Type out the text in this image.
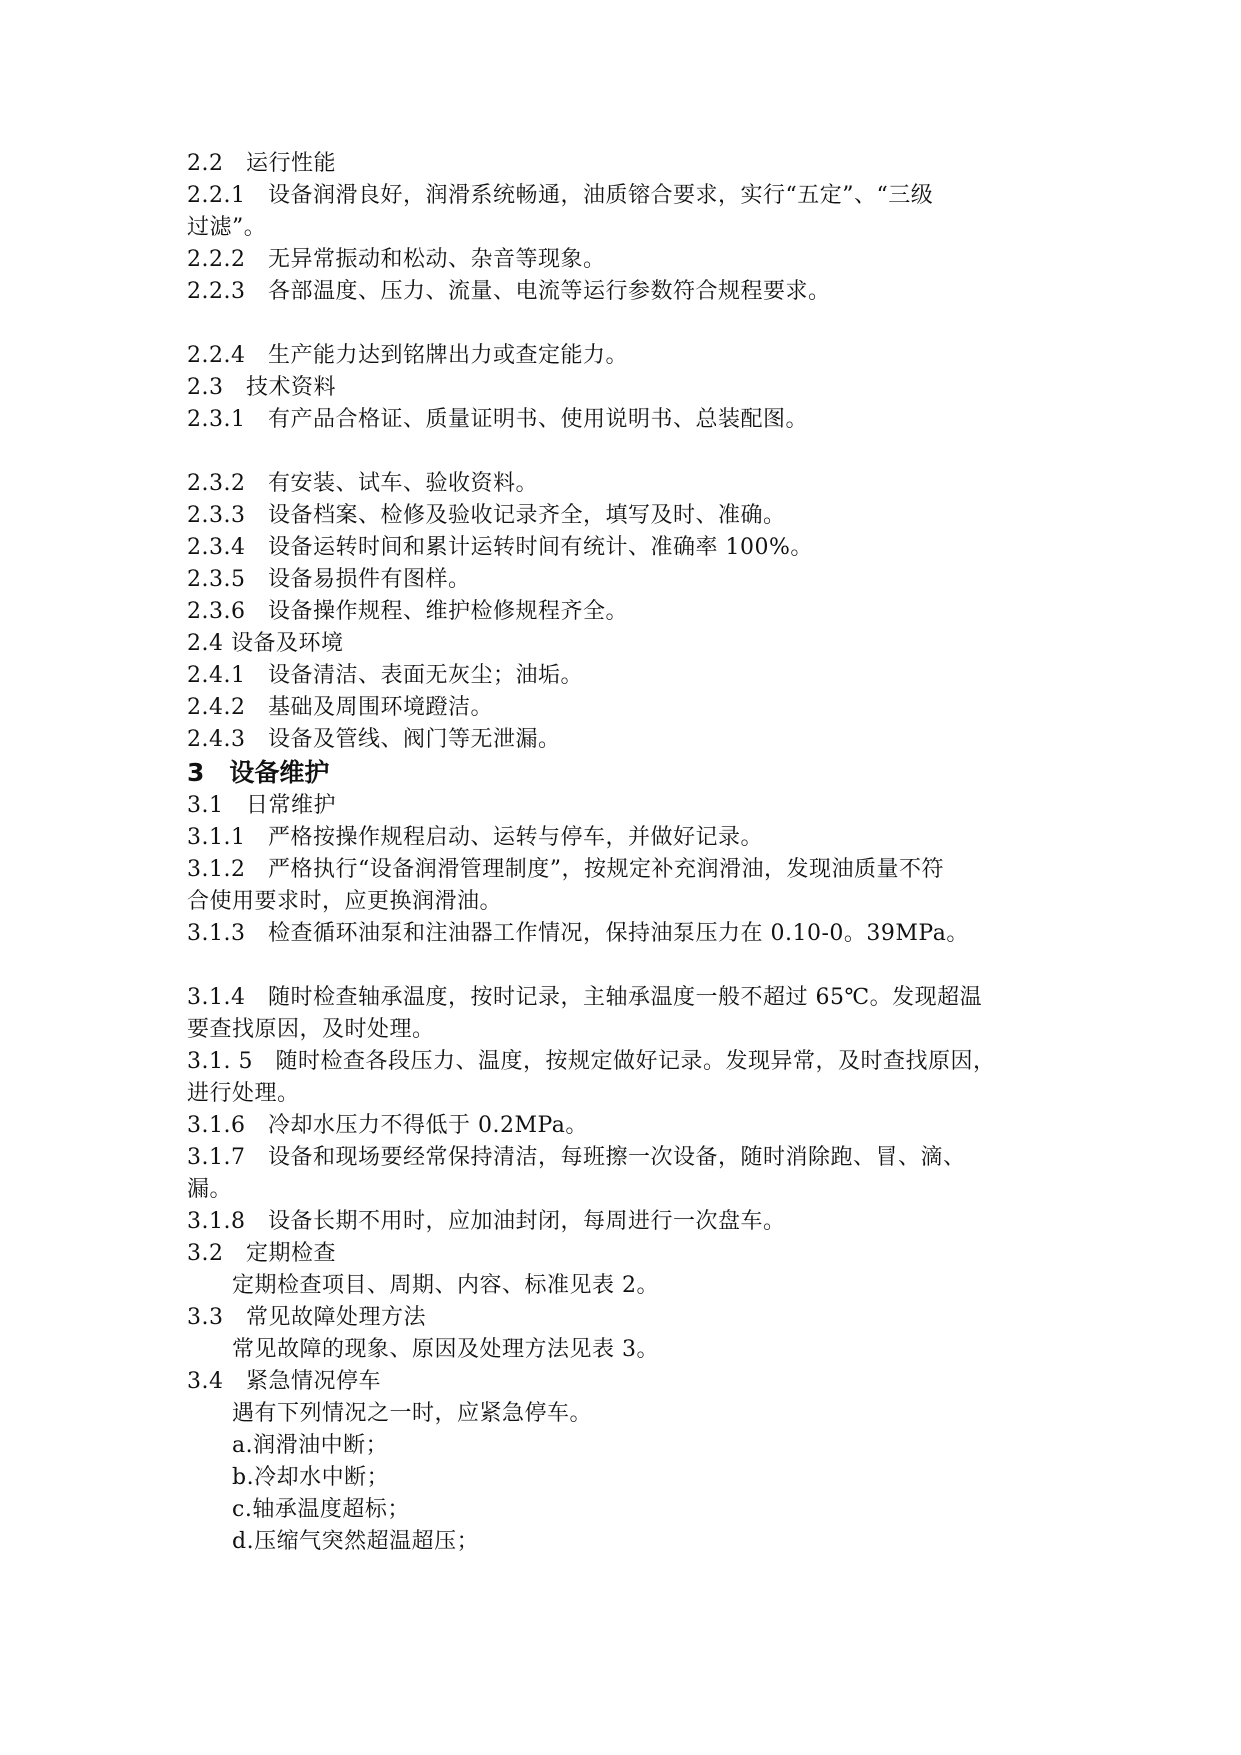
2.2　运行性能
2.2.1　设备润滑良好，润滑系统畅通，油质镕合要求，实行“五定”、“三级
过滤”。
2.2.2　无异常振动和松动、杂音等现象。
2.2.3　各部温度、压力、流量、电流等运行参数符合规程要求。
2.2.4　生产能力达到铭牌出力或查定能力。
2.3　技术资料
2.3.1　有产品合格证、质量证明书、使用说明书、总装配图。
2.3.2　有安装、试车、验收资料。
2.3.3　设备档案、检修及验收记录齐全，填写及时、准确。
2.3.4　设备运转时间和累计运转时间有统计、准确率 100%。
2.3.5　设备易损件有图样。
2.3.6　设备操作规程、维护检修规程齐全。
2.4 设备及环境
2.4.1　设备清洁、表面无灰尘；油垢。
2.4.2　基础及周围环境蹬洁。
2.4.3　设备及管线、阀门等无泄漏。
3　设备维护
3.1　日常维护
3.1.1　严格按操作规程启动、运转与停车，并做好记录。
3.1.2　严格执行“设备润滑管理制度”，按规定补充润滑油，发现油质量不符
合使用要求时，应更换润滑油。
3.1.3　检查循环油泵和注油器工作情况，保持油泵压力在 0.10-0。39MPa。
3.1.4　随时检查轴承温度，按时记录，主轴承温度一般不超过 65℃。发现超温
要查找原因，及时处理。
3.1. 5　随时检查各段压力、温度，按规定做好记录。发现异常，及时查找原因，
进行处理。
3.1.6　冷却水压力不得低于 0.2MPa。
3.1.7　设备和现场要经常保持清洁，每班擦一次设备，随时消除跑、冒、滴、
漏。
3.1.8　设备长期不用时，应加油封闭，每周进行一次盘车。
3.2　定期检查
　　定期检查项目、周期、内容、标准见表 2。
3.3　常见故障处理方法
　　常见故障的现象、原因及处理方法见表 3。
3.4　紧急情况停车
　　遇有下列情况之一时，应紧急停车。
　　a.润滑油中断；
　　b.冷却水中断；
　　c.轴承温度超标；
　　d.压缩气突然超温超压；
